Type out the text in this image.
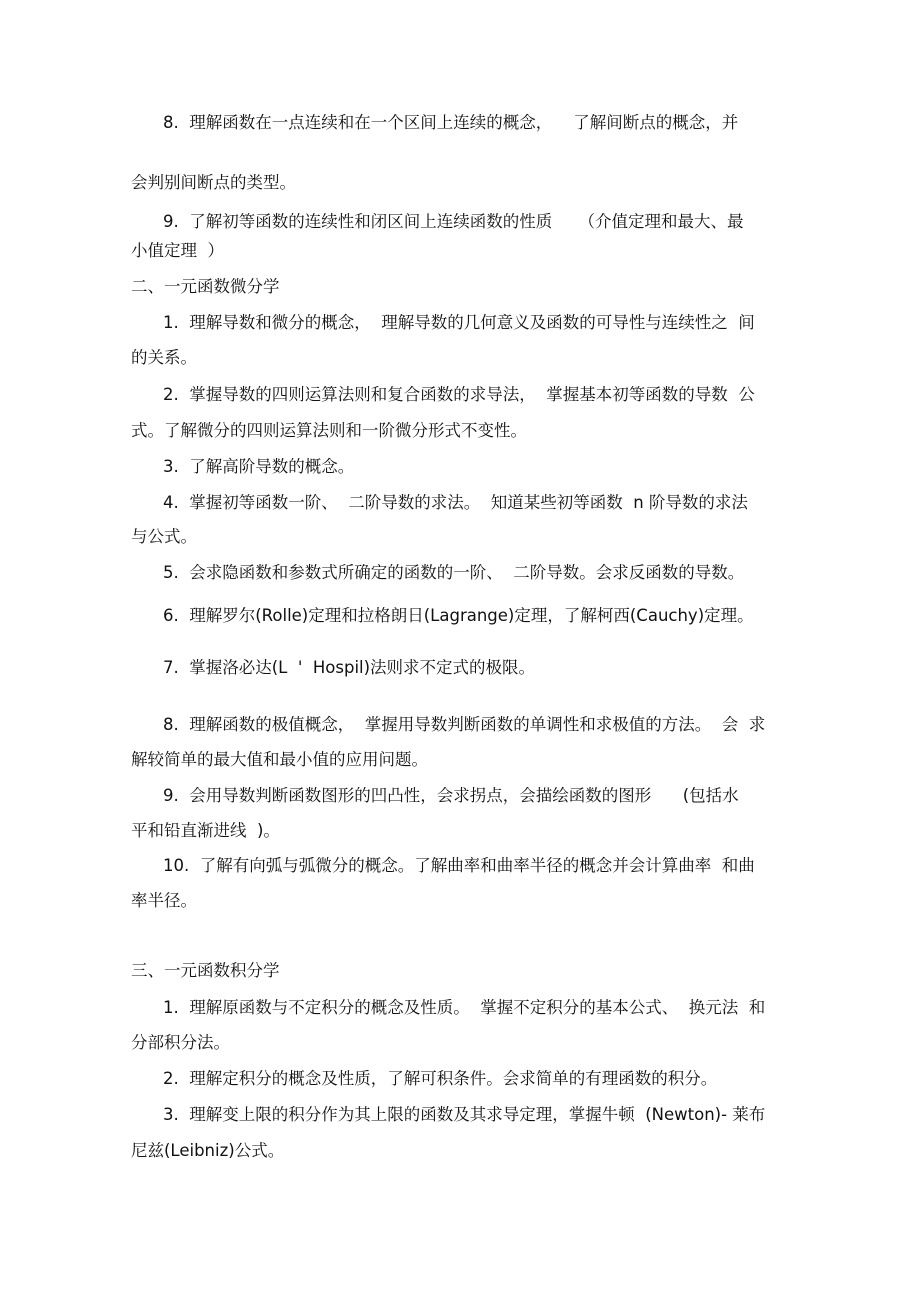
8.  理解函数在一点连续和在一个区间上连续的概念，    了解间断点的概念，并
会判别间断点的类型。
9.  了解初等函数的连续性和闭区间上连续函数的性质     （介值定理和最大、最
小值定理  ）
二、一元函数微分学
1.  理解导数和微分的概念，  理解导数的几何意义及函数的可导性与连续性之  间
的关系。
2.  掌握导数的四则运算法则和复合函数的求导法，  掌握基本初等函数的导数  公
式。了解微分的四则运算法则和一阶微分形式不变性。
3.  了解高阶导数的概念。
4.  掌握初等函数一阶、  二阶导数的求法。  知道某些初等函数  n 阶导数的求法
与公式。
5.  会求隐函数和参数式所确定的函数的一阶、  二阶导数。会求反函数的导数。
6.  理解罗尔(Rolle)定理和拉格朗日(Lagrange)定理，了解柯西(Cauchy)定理。
7.  掌握洛必达(L  '  Hospil)法则求不定式的极限。
8.  理解函数的极值概念，  掌握用导数判断函数的单调性和求极值的方法。  会  求
解较简单的最大值和最小值的应用问题。
9.  会用导数判断函数图形的凹凸性，会求拐点，会描绘函数的图形      (包括水
平和铅直渐进线  )。
10.  了解有向弧与弧微分的概念。了解曲率和曲率半径的概念并会计算曲率  和曲
率半径。
三、一元函数积分学
1.  理解原函数与不定积分的概念及性质。  掌握不定积分的基本公式、  换元法  和
分部积分法。
2.  理解定积分的概念及性质，了解可积条件。会求简单的有理函数的积分。
3.  理解变上限的积分作为其上限的函数及其求导定理，掌握牛顿  (Newton)- 莱布
尼兹(Leibniz)公式。
